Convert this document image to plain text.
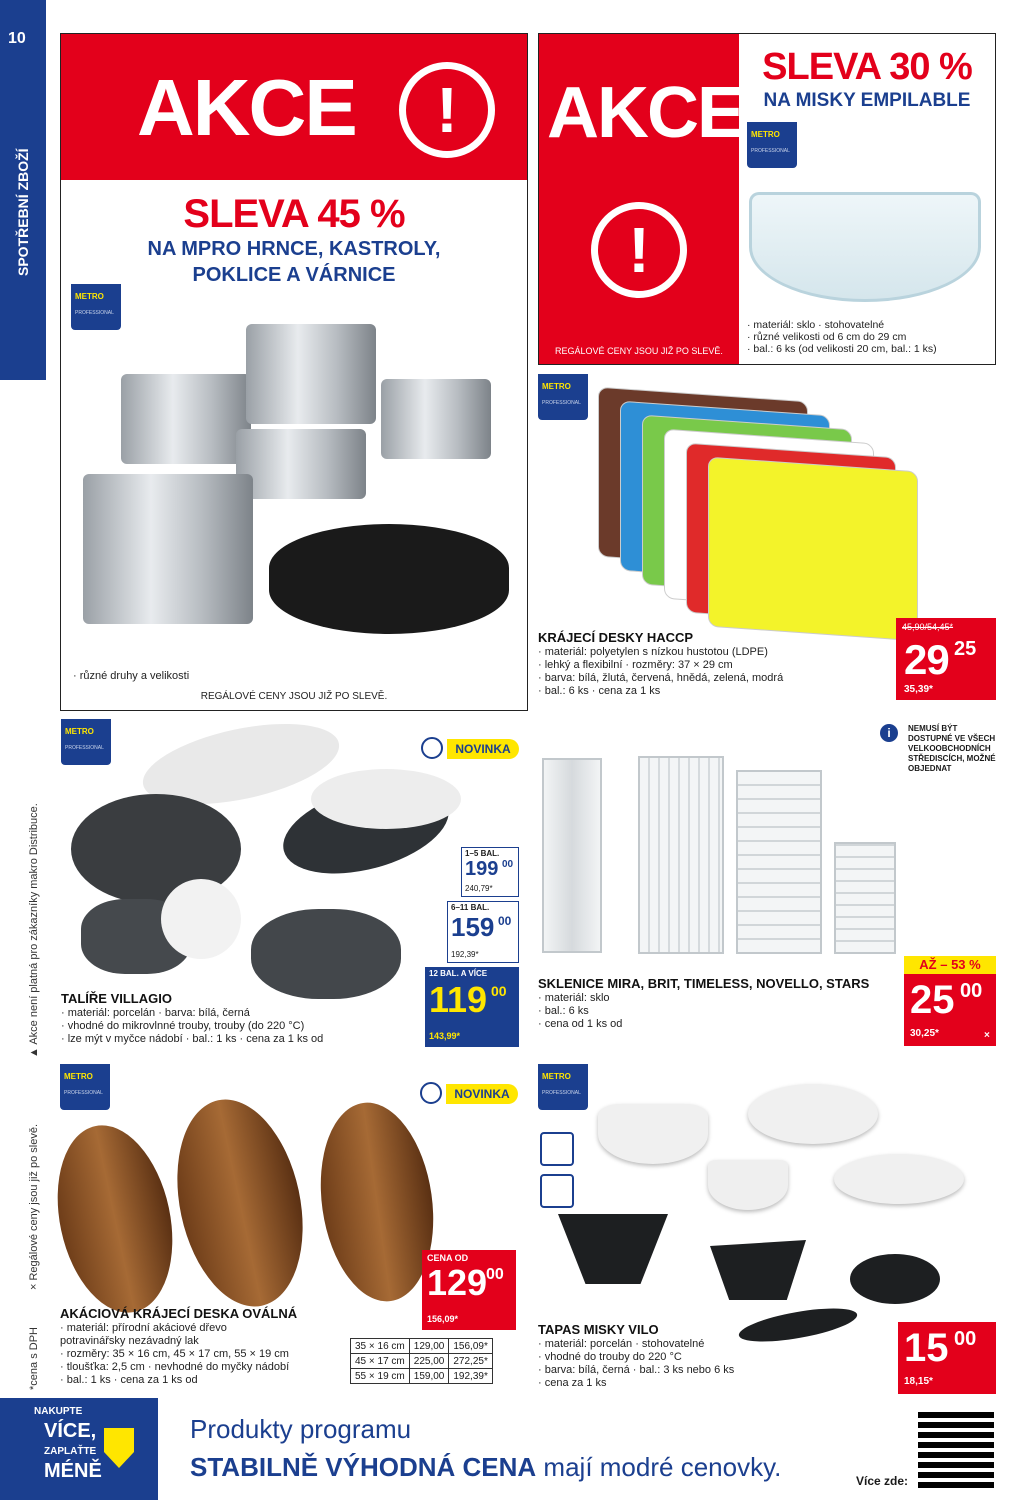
10
▲ Akce není platná pro zákazníky makro Distribuce.
× Regálové ceny jsou již po slevě.
*cena s DPH
AKCE	!
SLEVA 45 %
NA MPRO HRNCE, KASTROLY,
POKLICE A VÁRNICE
METRO
PROFESSIONAL
· různé druhy a velikosti
REGÁLOVÉ CENY JSOU JIŽ PO SLEVĚ.
AKCE
!
REGÁLOVÉ CENY JSOU JIŽ PO SLEVĚ.
SLEVA 30 %
NA MISKY EMPILABLE
METRO
PROFESSIONAL
· materiál: sklo · stohovatelné
· různé velikosti od 6 cm do 29 cm
· bal.: 6 ks (od velikosti 20 cm, bal.: 1 ks)
METRO
PROFESSIONAL
KRÁJECÍ DESKY HACCP
· materiál: polyetylen s nízkou hustotou (LDPE)
· lehký a flexibilní · rozměry: 37 × 29 cm
· barva: bílá, žlutá, červená, hnědá, zelená, modrá
· bal.: 6 ks · cena za 1 ks
45,90/54,45*
29 25
35,39*
METRO
PROFESSIONAL	NOVINKA
TALÍŘE VILLAGIO
· materiál: porcelán · barva: bílá, černá
· vhodné do mikrovlnné trouby, trouby (do 220 °C)
· lze mýt v myčce nádobí · bal.: 1 ks · cena za 1 ks od
1–5 BAL.
199 00
240,79*
6–11 BAL.
159 00
192,39*
12 BAL. A VÍCE
119 00
143,99*
i	NEMUSÍ BÝT DOSTUPNÉ VE VŠECH VELKOOBCHODNÍCH STŘEDISCÍCH, MOŽNÉ OBJEDNAT
SKLENICE MIRA, BRIT, TIMELESS, NOVELLO, STARS
· materiál: sklo
· bal.: 6 ks
· cena od 1 ks od
AŽ – 53 %
25 00
30,25*	×
METRO
PROFESSIONAL	NOVINKA
AKÁCIOVÁ KRÁJECÍ DESKA OVÁLNÁ
· materiál: přírodní akáciové dřevo
potravinářsky nezávadný lak
· rozměry: 35 × 16 cm, 45 × 17 cm, 55 × 19 cm
· tloušťka: 2,5 cm · nevhodné do myčky nádobí
· bal.: 1 ks · cena za 1 ks od
CENA OD
129
00
156,09*
35 × 16 cm	129,00	156,09*
45 × 17 cm	225,00	272,25*
55 × 19 cm	159,00	192,39*
METRO
PROFESSIONAL
TAPAS MISKY VILO
· materiál: porcelán · stohovatelné
· vhodné do trouby do 220 °C
· barva: bílá, černá · bal.: 3 ks nebo 6 ks
· cena za 1 ks
15 00
18,15*
NAKUPTE
VÍCE,
ZAPLAŤTE
MÉNĚ
Produkty programu
STABILNĚ VÝHODNÁ CENA mají modré cenovky.	Více zde:
